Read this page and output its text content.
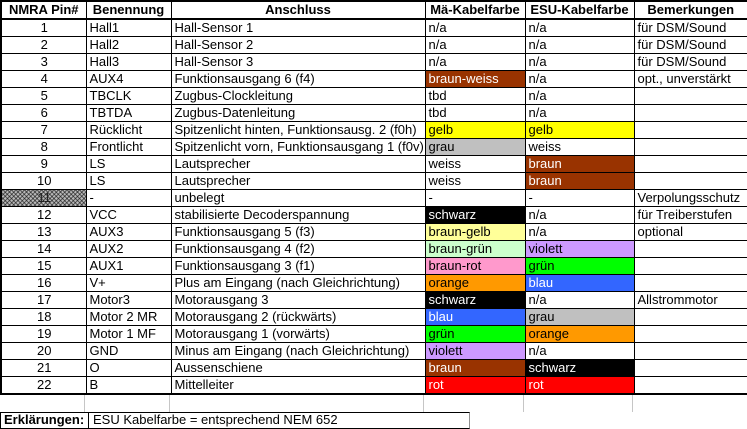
NMRA Pin#	Benennung	Anschluss	Mä-Kabelfarbe	ESU-Kabelfarbe	Bemerkungen
1	Hall1	Hall-Sensor 1	n/a	n/a	für DSM/Sound
2	Hall2	Hall-Sensor 2	n/a	n/a	für DSM/Sound
3	Hall3	Hall-Sensor 3	n/a	n/a	für DSM/Sound
4	AUX4	Funktionsausgang 6 (f4)	braun-weiss	n/a	opt., unverstärkt
5	TBCLK	Zugbus-Clockleitung	tbd	n/a	
6	TBTDA	Zugbus-Datenleitung	tbd	n/a	
7	Rücklicht	Spitzenlicht hinten, Funktionsausg. 2 (f0h)	gelb	gelb	
8	Frontlicht	Spitzenlicht vorn, Funktionsausgang 1 (f0v)	grau	weiss	
9	LS	Lautsprecher	weiss	braun	
10	LS	Lautsprecher	weiss	braun	
11	-	unbelegt	-	-	Verpolungsschutz
12	VCC	stabilisierte Decoderspannung	schwarz	n/a	für Treiberstufen
13	AUX3	Funktionsausgang 5 (f3)	braun-gelb	n/a	optional
14	AUX2	Funktionsausgang 4 (f2)	braun-grün	violett	
15	AUX1	Funktionsausgang 3 (f1)	braun-rot	grün	
16	V+	Plus am Eingang (nach Gleichrichtung)	orange	blau	
17	Motor3	Motorausgang 3	schwarz	n/a	Allstrommotor
18	Motor 2 MR	Motorausgang 2 (rückwärts)	blau	grau	
19	Motor 1 MF	Motorausgang 1 (vorwärts)	grün	orange	
20	GND	Minus am Eingang (nach Gleichrichtung)	violett	n/a	
21	O	Aussenschiene	braun	schwarz	
22	B	Mittelleiter	rot	rot	
Erklärungen: ESU Kabelfarbe = entsprechend NEM 652
